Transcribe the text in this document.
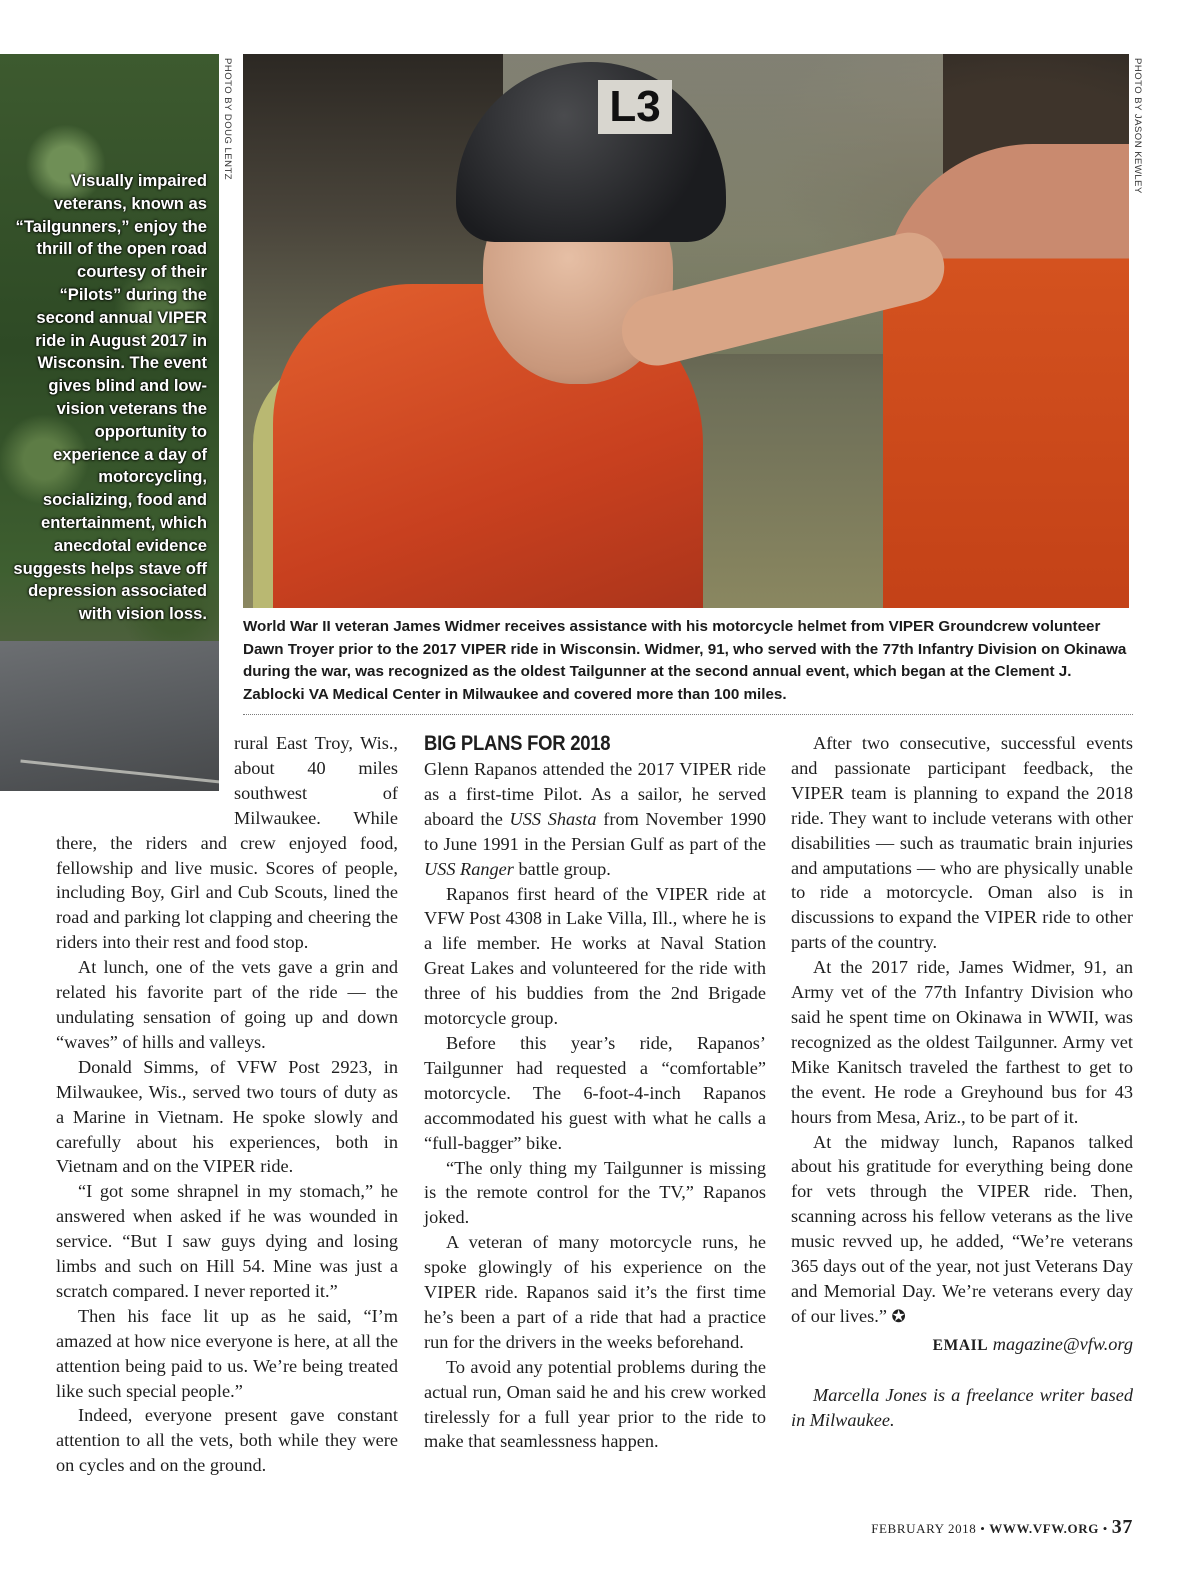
Visually impaired veterans, known as “Tailgunners,” enjoy the thrill of the open road courtesy of their “Pilots” during the second annual VIPER ride in August 2017 in Wisconsin. The event gives blind and low-vision veterans the opportunity to experience a day of motorcycling, socializing, food and entertainment, which anecdotal evidence suggests helps stave off depression associated with vision loss.
PHOTO BY DOUG LENTZ	L3	PHOTO BY JASON KEWLEY
World War II veteran James Widmer receives assistance with his motorcycle helmet from VIPER Groundcrew volunteer Dawn Troyer prior to the 2017 VIPER ride in Wisconsin. Widmer, 91, who served with the 77th Infantry Division on Okinawa during the war, was recognized as the oldest Tailgunner at the second annual event, which began at the Clement J. Zablocki VA Medical Center in Milwaukee and covered more than 100 miles.

rural East Troy, Wis., about 40 miles southwest of Milwaukee. While there, the riders and crew enjoyed food, fellowship and live music. Scores of people, including Boy, Girl and Cub Scouts, lined the road and parking lot clapping and cheering the riders into their rest and food stop.

At lunch, one of the vets gave a grin and related his favorite part of the ride — the undulating sensation of going up and down “waves” of hills and valleys.

Donald Simms, of VFW Post 2923, in Milwaukee, Wis., served two tours of duty as a Marine in Vietnam. He spoke slowly and carefully about his experiences, both in Vietnam and on the VIPER ride.

“I got some shrapnel in my stomach,” he answered when asked if he was wounded in service. “But I saw guys dying and losing limbs and such on Hill 54. Mine was just a scratch compared. I never reported it.”

Then his face lit up as he said, “I’m amazed at how nice everyone is here, at all the attention being paid to us. We’re being treated like such special people.”

Indeed, everyone present gave constant attention to all the vets, both while they were on cycles and on the ground.

BIG PLANS FOR 2018

Glenn Rapanos attended the 2017 VIPER ride as a first-time Pilot. As a sailor, he served aboard the USS Shasta from November 1990 to June 1991 in the Persian Gulf as part of the USS Ranger battle group.

Rapanos first heard of the VIPER ride at VFW Post 4308 in Lake Villa, Ill., where he is a life member. He works at Naval Station Great Lakes and volunteered for the ride with three of his buddies from the 2nd Brigade motorcycle group.

Before this year’s ride, Rapanos’ Tailgunner had requested a “comfortable” motorcycle. The 6-foot-4-inch Rapanos accommodated his guest with what he calls a “full-bagger” bike.

“The only thing my Tailgunner is missing is the remote control for the TV,” Rapanos joked.

A veteran of many motorcycle runs, he spoke glowingly of his experience on the VIPER ride. Rapanos said it’s the first time he’s been a part of a ride that had a practice run for the drivers in the weeks beforehand.

To avoid any potential problems during the actual run, Oman said he and his crew worked tirelessly for a full year prior to the ride to make that seamlessness happen.

After two consecutive, successful events and passionate participant feedback, the VIPER team is planning to expand the 2018 ride. They want to include veterans with other disabilities — such as traumatic brain injuries and amputations — who are physically unable to ride a motorcycle. Oman also is in discussions to expand the VIPER ride to other parts of the country.

At the 2017 ride, James Widmer, 91, an Army vet of the 77th Infantry Division who said he spent time on Okinawa in WWII, was recognized as the oldest Tailgunner. Army vet Mike Kanitsch traveled the farthest to get to the event. He rode a Greyhound bus for 43 hours from Mesa, Ariz., to be part of it.

At the midway lunch, Rapanos talked about his gratitude for everything being done for vets through the VIPER ride. Then, scanning across his fellow veterans as the live music revved up, he added, “We’re veterans 365 days out of the year, not just Veterans Day and Memorial Day. We’re veterans every day of our lives.” ✪

EMAIL magazine@vfw.org

Marcella Jones is a freelance writer based in Milwaukee.

FEBRUARY 2018 • WWW.VFW.ORG • 37
